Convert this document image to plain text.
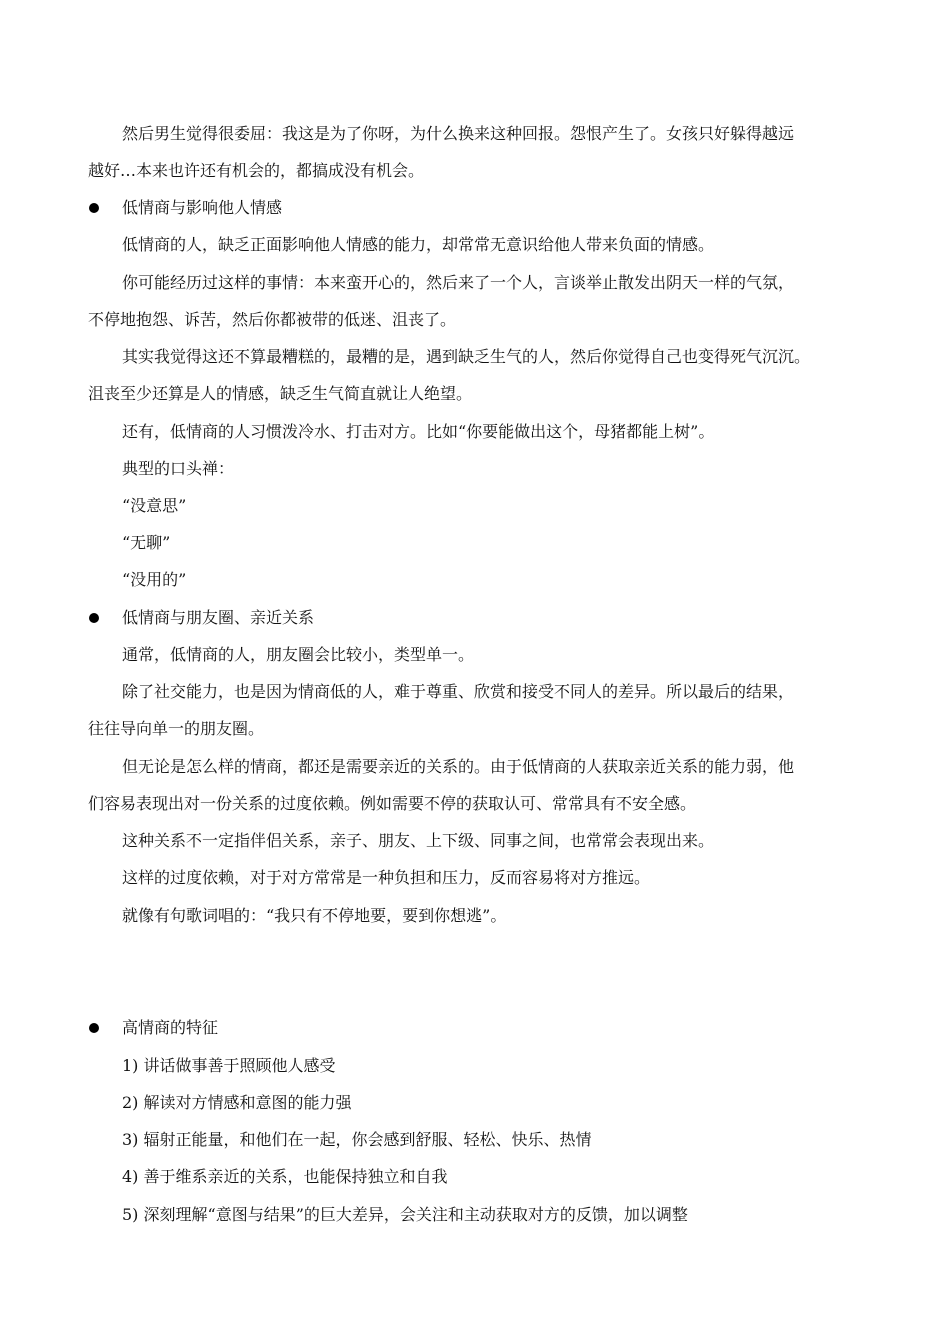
然后男生觉得很委屈：我这是为了你呀，为什么换来这种回报。怨恨产生了。女孩只好躲得越远
越好…本来也许还有机会的，都搞成没有机会。
低情商与影响他人情感
低情商的人，缺乏正面影响他人情感的能力，却常常无意识给他人带来负面的情感。
你可能经历过这样的事情：本来蛮开心的，然后来了一个人，言谈举止散发出阴天一样的气氛，
不停地抱怨、诉苦，然后你都被带的低迷、沮丧了。
其实我觉得这还不算最糟糕的，最糟的是，遇到缺乏生气的人，然后你觉得自己也变得死气沉沉。
沮丧至少还算是人的情感，缺乏生气简直就让人绝望。
还有，低情商的人习惯泼冷水、打击对方。比如“你要能做出这个，母猪都能上树”。
典型的口头禅：
“没意思”
“无聊”
“没用的”
低情商与朋友圈、亲近关系
通常，低情商的人，朋友圈会比较小，类型单一。
除了社交能力，也是因为情商低的人，难于尊重、欣赏和接受不同人的差异。所以最后的结果，
往往导向单一的朋友圈。
但无论是怎么样的情商，都还是需要亲近的关系的。由于低情商的人获取亲近关系的能力弱，他
们容易表现出对一份关系的过度依赖。例如需要不停的获取认可、常常具有不安全感。
这种关系不一定指伴侣关系，亲子、朋友、上下级、同事之间，也常常会表现出来。
这样的过度依赖，对于对方常常是一种负担和压力，反而容易将对方推远。
就像有句歌词唱的：“我只有不停地要，要到你想逃”。
高情商的特征
1) 讲话做事善于照顾他人感受
2) 解读对方情感和意图的能力强
3) 辐射正能量，和他们在一起，你会感到舒服、轻松、快乐、热情
4) 善于维系亲近的关系，也能保持独立和自我
5) 深刻理解“意图与结果”的巨大差异，会关注和主动获取对方的反馈，加以调整
